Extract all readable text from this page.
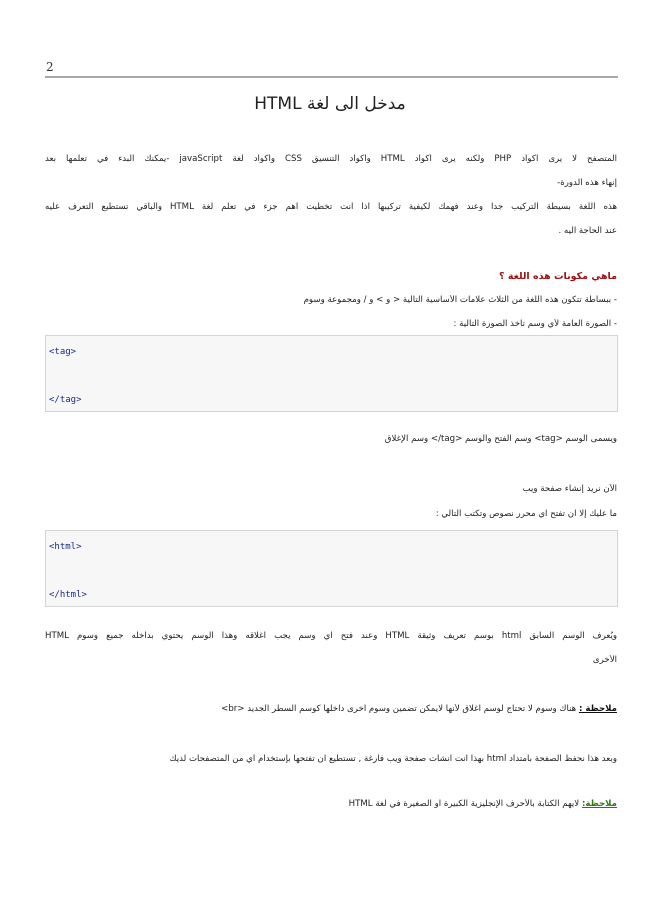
2
مدخل الى لغة HTML
المتصفح لا يرى اكواد PHP ولكنه يرى اكواد HTML واكواد التنسيق CSS واكواد لغة javaScript -يمكنك البدء في تعلمها بعد
إنهاء هذه الدورة-
هذه اللغة بسيطة التركيب جداً وعند فهمك لكيفية تركيبها اذاً انت تخطيت اهم جزء في تعلم لغة HTML والباقي تستطيع التعرف عليه
عند الحاجة اليه .
ماهي مكونات هذه اللغة ؟
- ببساطة تتكون هذه اللغة من الثلاث علامات الأساسية التالية < و > و / ومجموعة وسوم
- الصورة العامة لأي وسم تأخذ الصورة التالية :
<tag>
</tag>
ويسمى الوسم <tag> وسم الفتح والوسم <tag/> وسم الإغلاق
الآن نريد إنشاء صفحة ويب
ما عليك إلا ان تفتح اي محرر نصوص وتكتب التالي :
<html>
</html>
ويُعرف الوسم السابق html بوسم تعريف وثيقة HTML وعند فتح اي وسم يجب اغلاقه وهذا الوسم يحتوي بداخله جميع وسوم HTML
الأخرى
ملاحظة : هناك وسوم لا تحتاج لوسم اغلاق لأنها لايمكن تضمين وسوم اخرى داخلها كوسم السطر الجديد <br>
وبعد هذا نحفظ الصفحة بامتداد html بهذا انت انشأت صفحة ويب فارغة , تستطيع ان تفتحها بإستخدام اي من المتصفحات لديك
ملاحظة: لايهم الكتابة بالأحرف الإنجليزية الكبيرة او الصغيرة في لغة HTML
